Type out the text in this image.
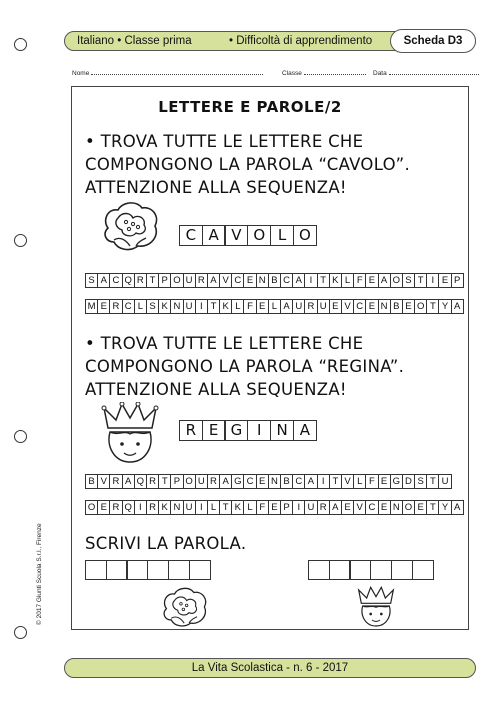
Italiano • Classe prima	• Difficoltà di apprendimento	Scheda D3
Nome	Classe	Data
LETTERE E PAROLE/2
• TROVA TUTTE LE LETTERE CHE
COMPONGONO LA PAROLA “CAVOLO”.
ATTENZIONE ALLA SEQUENZA!
C A V O L O
S A C Q R T P O U R A V C E N B C A I T K L F E A O S T I E P
M E R C L S K N U I T K L F E L A U R U E V C E N B E O T Y A
• TROVA TUTTE LE LETTERE CHE
COMPONGONO LA PAROLA “REGINA”.
ATTENZIONE ALLA SEQUENZA!
R E G I N A
B V R A Q R T P O U R A G C E N B C A I T V L F E G D S T U
O E R Q I R K N U I L T K L F E P I U R A E V C E N O E T Y A
SCRIVI LA PAROLA.
© 2017 Giunti Scuola S.r.l., Firenze
La Vita Scolastica - n. 6 - 2017
